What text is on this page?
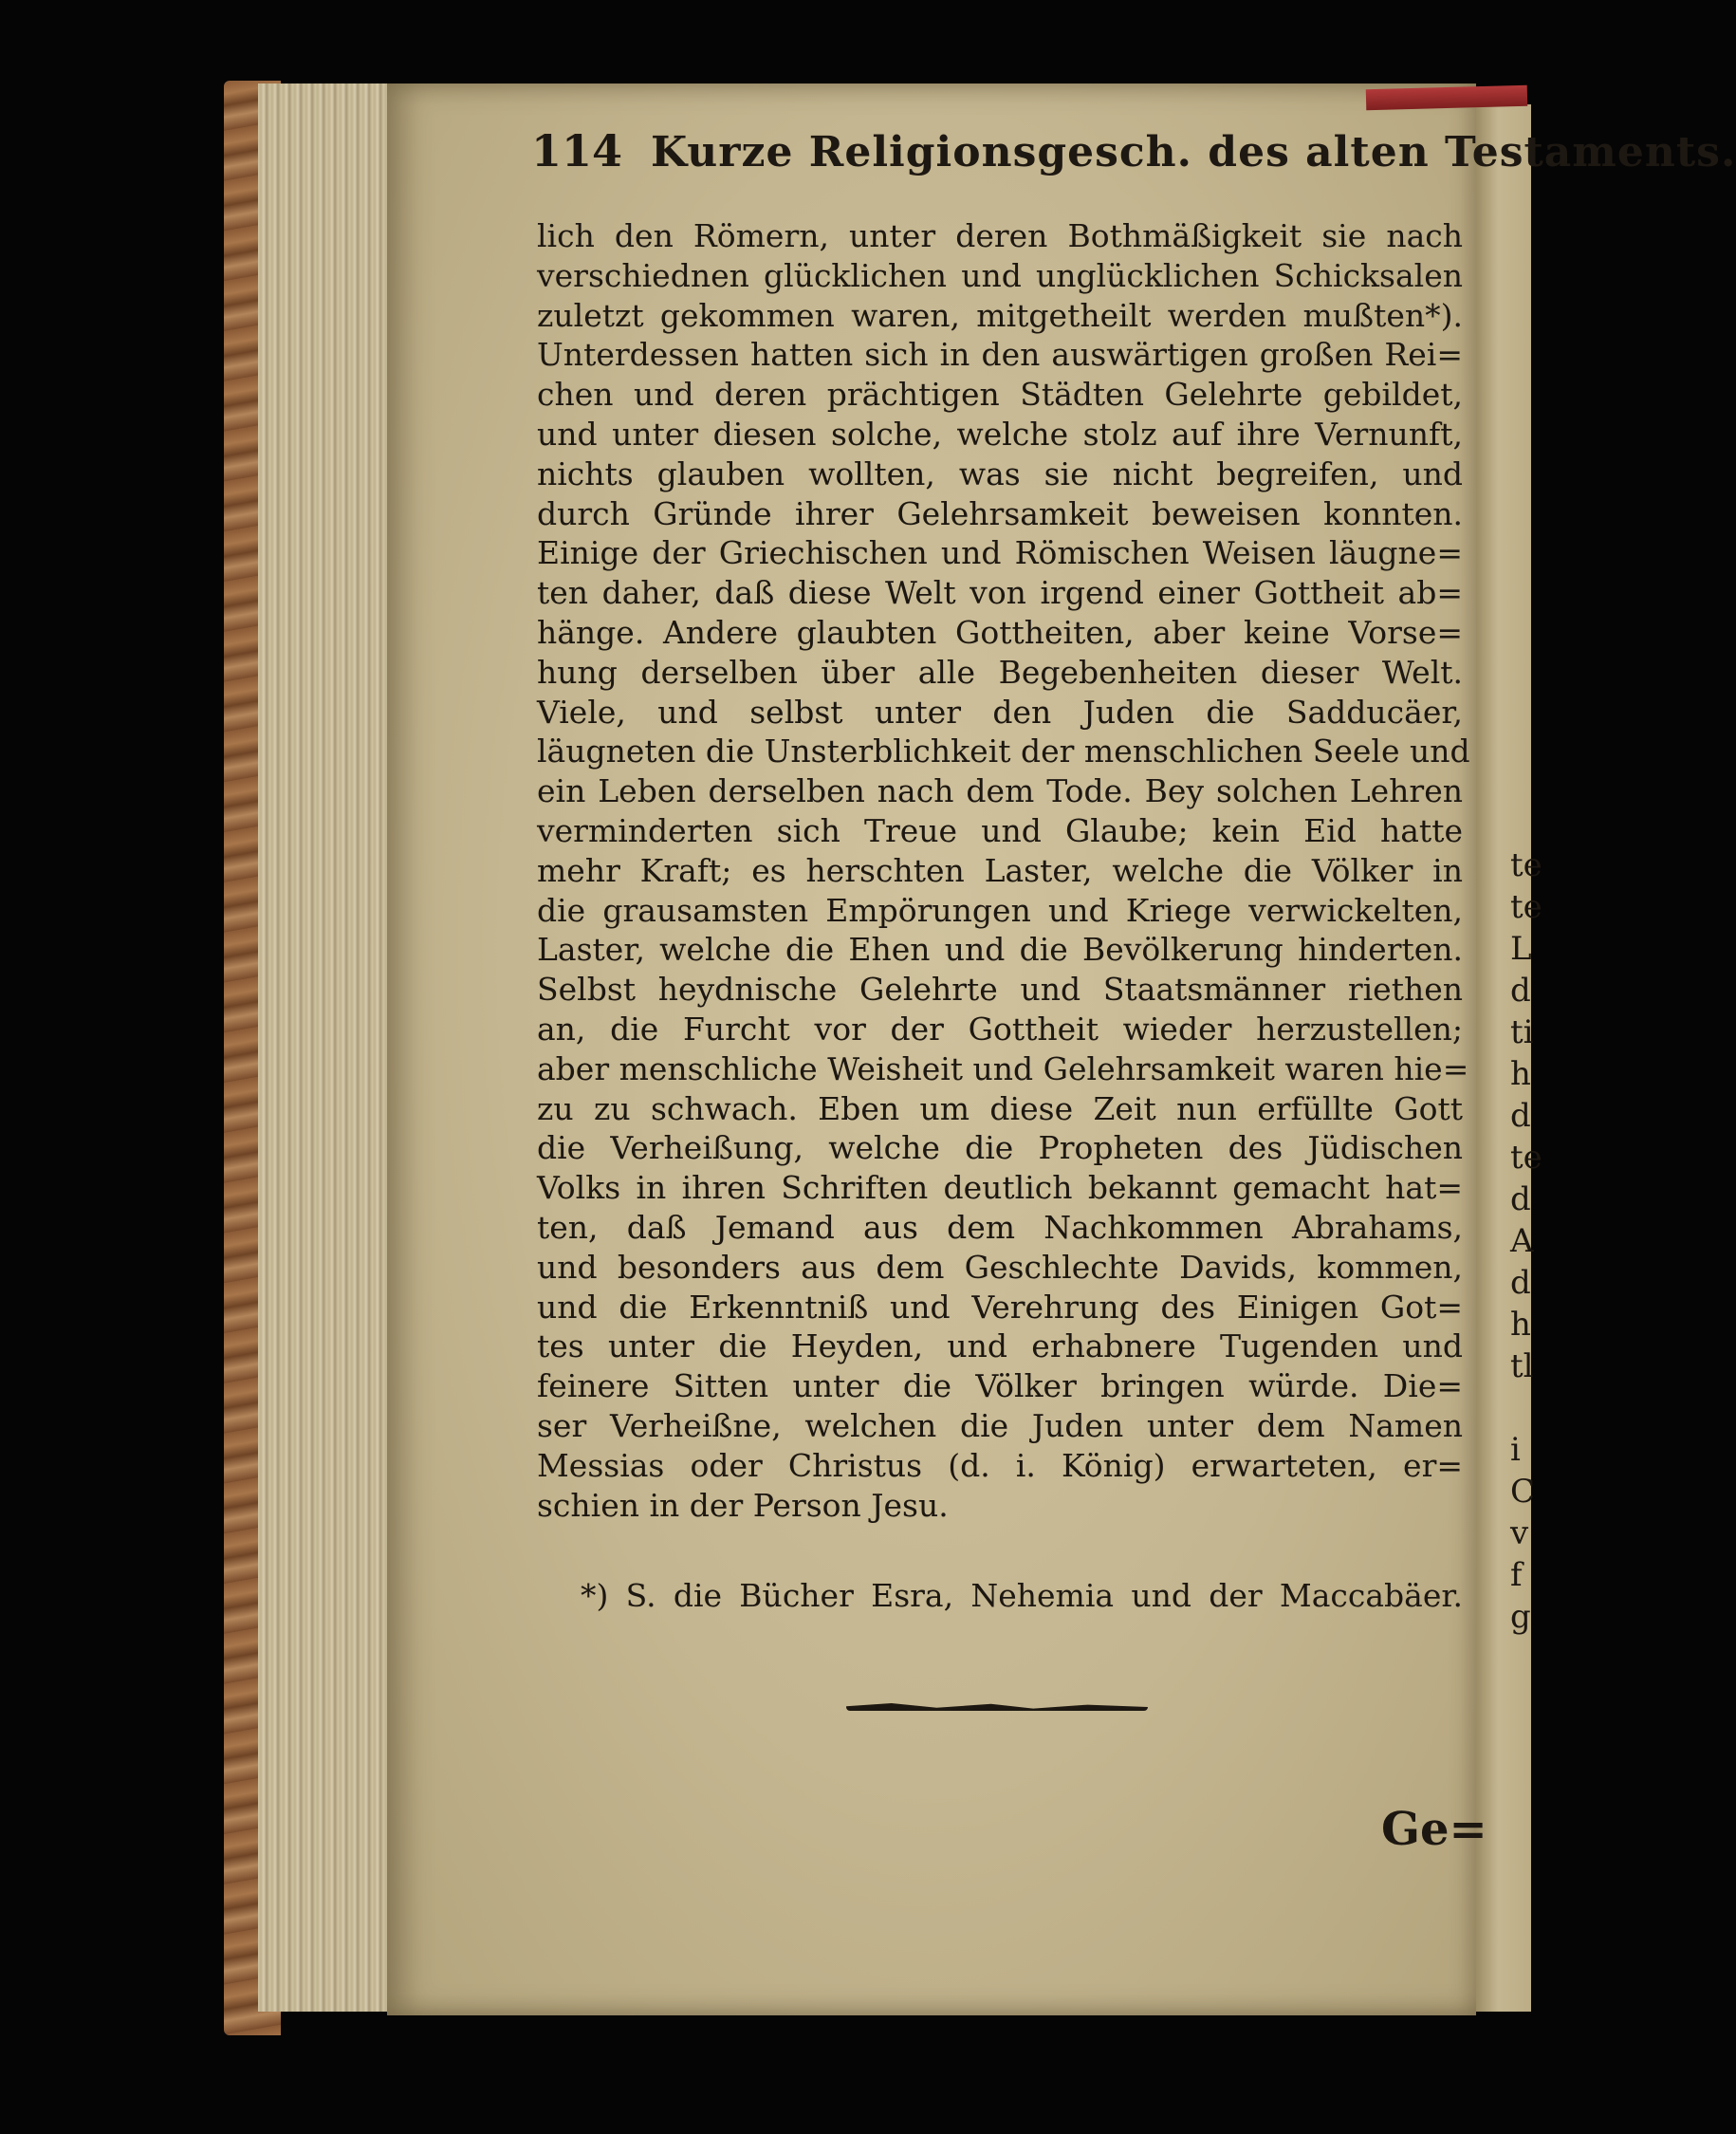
114 Kurze Religionsgesch. des alten Testaments.
lich den Römern, unter deren Bothmäßigkeit sie nach
verschiednen glücklichen und unglücklichen Schicksalen
zuletzt gekommen waren, mitgetheilt werden mußten*).
Unterdessen hatten sich in den auswärtigen großen Rei=
chen und deren prächtigen Städten Gelehrte gebildet,
und unter diesen solche, welche stolz auf ihre Vernunft,
nichts glauben wollten, was sie nicht begreifen, und
durch Gründe ihrer Gelehrsamkeit beweisen konnten.
Einige der Griechischen und Römischen Weisen läugne=
ten daher, daß diese Welt von irgend einer Gottheit ab=
hänge. Andere glaubten Gottheiten, aber keine Vorse=
hung derselben über alle Begebenheiten dieser Welt.
Viele, und selbst unter den Juden die Sadducäer,
läugneten die Unsterblichkeit der menschlichen Seele und
ein Leben derselben nach dem Tode. Bey solchen Lehren
verminderten sich Treue und Glaube; kein Eid hatte
mehr Kraft; es herschten Laster, welche die Völker in
die grausamsten Empörungen und Kriege verwickelten,
Laster, welche die Ehen und die Bevölkerung hinderten.
Selbst heydnische Gelehrte und Staatsmänner riethen
an, die Furcht vor der Gottheit wieder herzustellen;
aber menschliche Weisheit und Gelehrsamkeit waren hie=
zu zu schwach. Eben um diese Zeit nun erfüllte Gott
die Verheißung, welche die Propheten des Jüdischen
Volks in ihren Schriften deutlich bekannt gemacht hat=
ten, daß Jemand aus dem Nachkommen Abrahams,
und besonders aus dem Geschlechte Davids, kommen,
und die Erkenntniß und Verehrung des Einigen Got=
tes unter die Heyden, und erhabnere Tugenden und
feinere Sitten unter die Völker bringen würde. Die=
ser Verheißne, welchen die Juden unter dem Namen
Messias oder Christus (d. i. König) erwarteten, er=
schien in der Person Jesu.
*) S. die Bücher Esra, Nehemia und der Maccabäer.
Ge=
te
te
L
d
ti
h
d
te
d
A
d
h
tl
i
C
v
f
g
